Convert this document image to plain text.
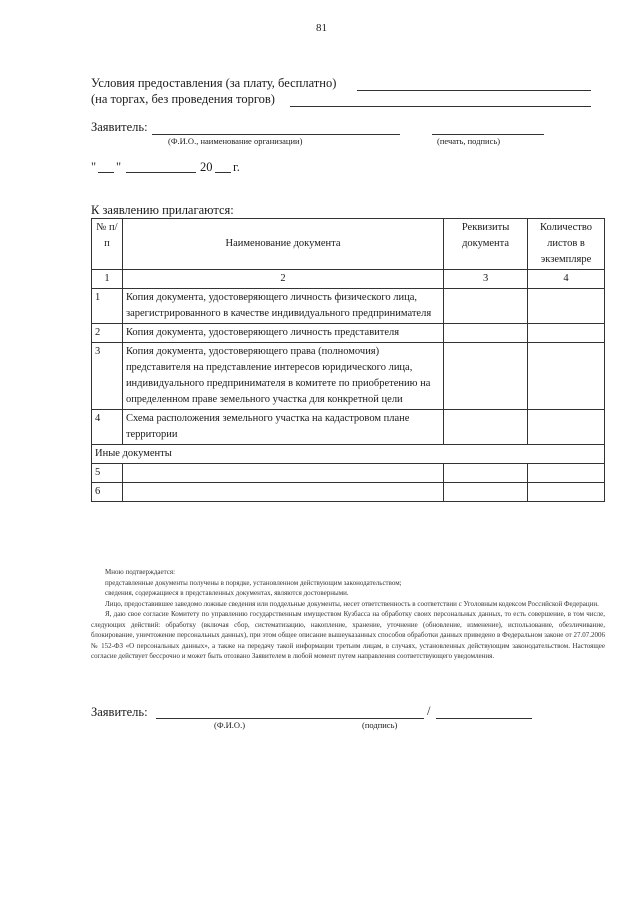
81
Условия предоставления (за плату, бесплатно)
(на торгах, без проведения торгов)
Заявитель:
(Ф.И.О., наименование организации)	(печать, подпись)
" "	20 г.
К заявлению прилагаются:
№ п/п	Наименование документа	Реквизиты документа	Количество листов в экземпляре
1	2	3	4
1	Копия документа, удостоверяющего личность физического лица, зарегистрированного в качестве индивидуального предпринимателя		
2	Копия документа, удостоверяющего личность представителя		
3	Копия документа, удостоверяющего права (полномочия) представителя на представление интересов юридического лица, индивидуального предпринимателя в комитете по приобретению на определенном праве земельного участка для конкретной цели		
4	Схема расположения земельного участка на кадастровом плане территории		
Иные документы			
5			
6			

Мною подтверждается:

представленные документы получены в порядке, установленном действующим законодательством;

сведения, содержащиеся в представленных документах, являются достоверными.

Лицо, предоставившее заведомо ложные сведения или поддельные документы, несет ответственность в соответствии с Уголовным кодексом Российской Федерации.

Я, даю свое согласие Комитету по управлению государственным имуществом Кузбасса на обработку своих персональных данных, то есть совершение, в том числе, следующих действий: обработку (включая сбор, систематизацию, накопление, хранение, уточнение (обновление, изменение), использование, обезличивание, блокирование, уничтожение персональных данных), при этом общее описание вышеуказанных способов обработки данных приведено в Федеральном законе от 27.07.2006 № 152-ФЗ «О персональных данных», а также на передачу такой информации третьим лицам, в случаях, установленных действующим законодательством. Настоящее согласие действует бессрочно и может быть отозвано Заявителем в любой момент путем направления соответствующего уведомления.

Заявитель:	/
(Ф.И.О.)	(подпись)
